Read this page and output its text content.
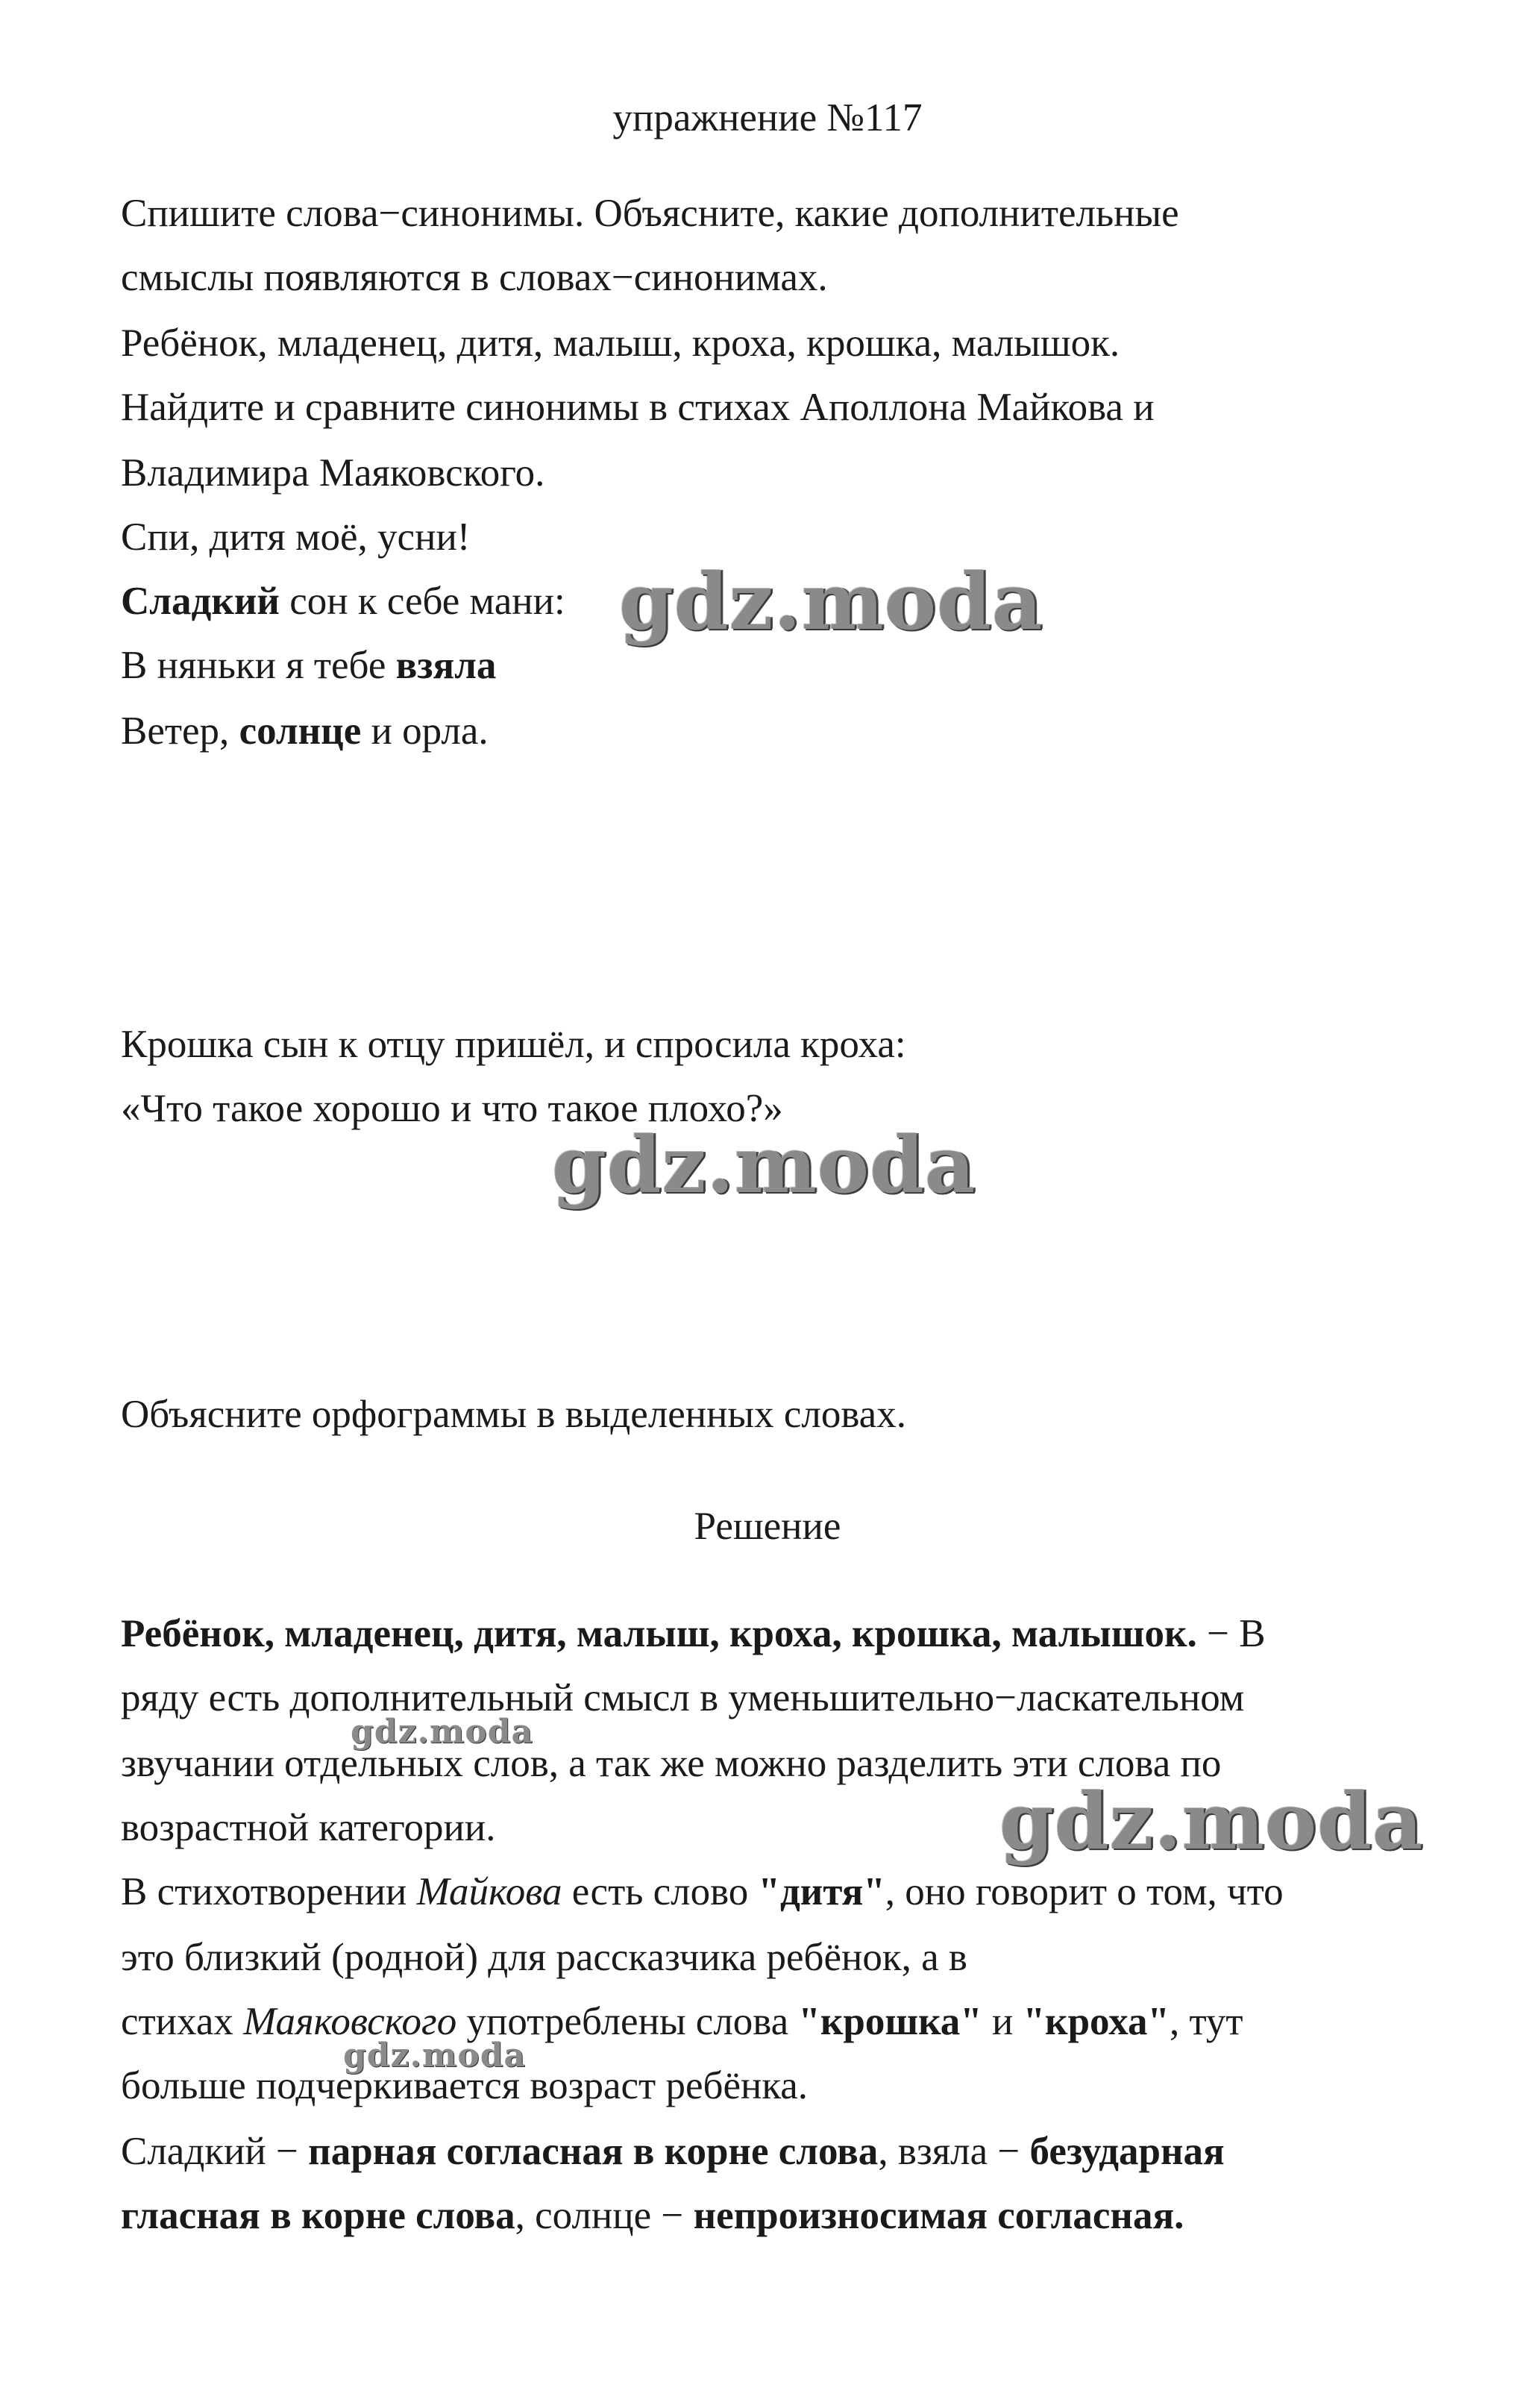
упражнение №117
Спишите слова−синонимы. Объясните, какие дополнительные
смыслы появляются в словах−синонимах.
Ребёнок, младенец, дитя, малыш, кроха, крошка, малышок.
Найдите и сравните синонимы в стихах Аполлона Майкова и
Владимира Маяковского.
Спи, дитя моё, усни!
Сладкий сон к себе мани:
В няньки я тебе взяла
Ветер, солнце и орла.
Крошка сын к отцу пришёл, и спросила кроха:
«Что такое хорошо и что такое плохо?»
Объясните орфограммы в выделенных словах.
Решение
Ребёнок, младенец, дитя, малыш, кроха, крошка, малышок. − В
ряду есть дополнительный смысл в уменьшительно−ласкательном
звучании отдельных слов, а так же можно разделить эти слова по
возрастной категории.
В стихотворении Майкова есть слово "дитя", оно говорит о том, что
это близкий (родной) для рассказчика ребёнок, а в
стихах Маяковского употреблены слова "крошка" и "кроха", тут
больше подчеркивается возраст ребёнка.
Сладкий − парная согласная в корне слова, взяла − безударная
гласная в корне слова, солнце − непроизносимая согласная.
gdz.moda
gdz.moda
gdz.moda
gdz.moda
gdz.moda
